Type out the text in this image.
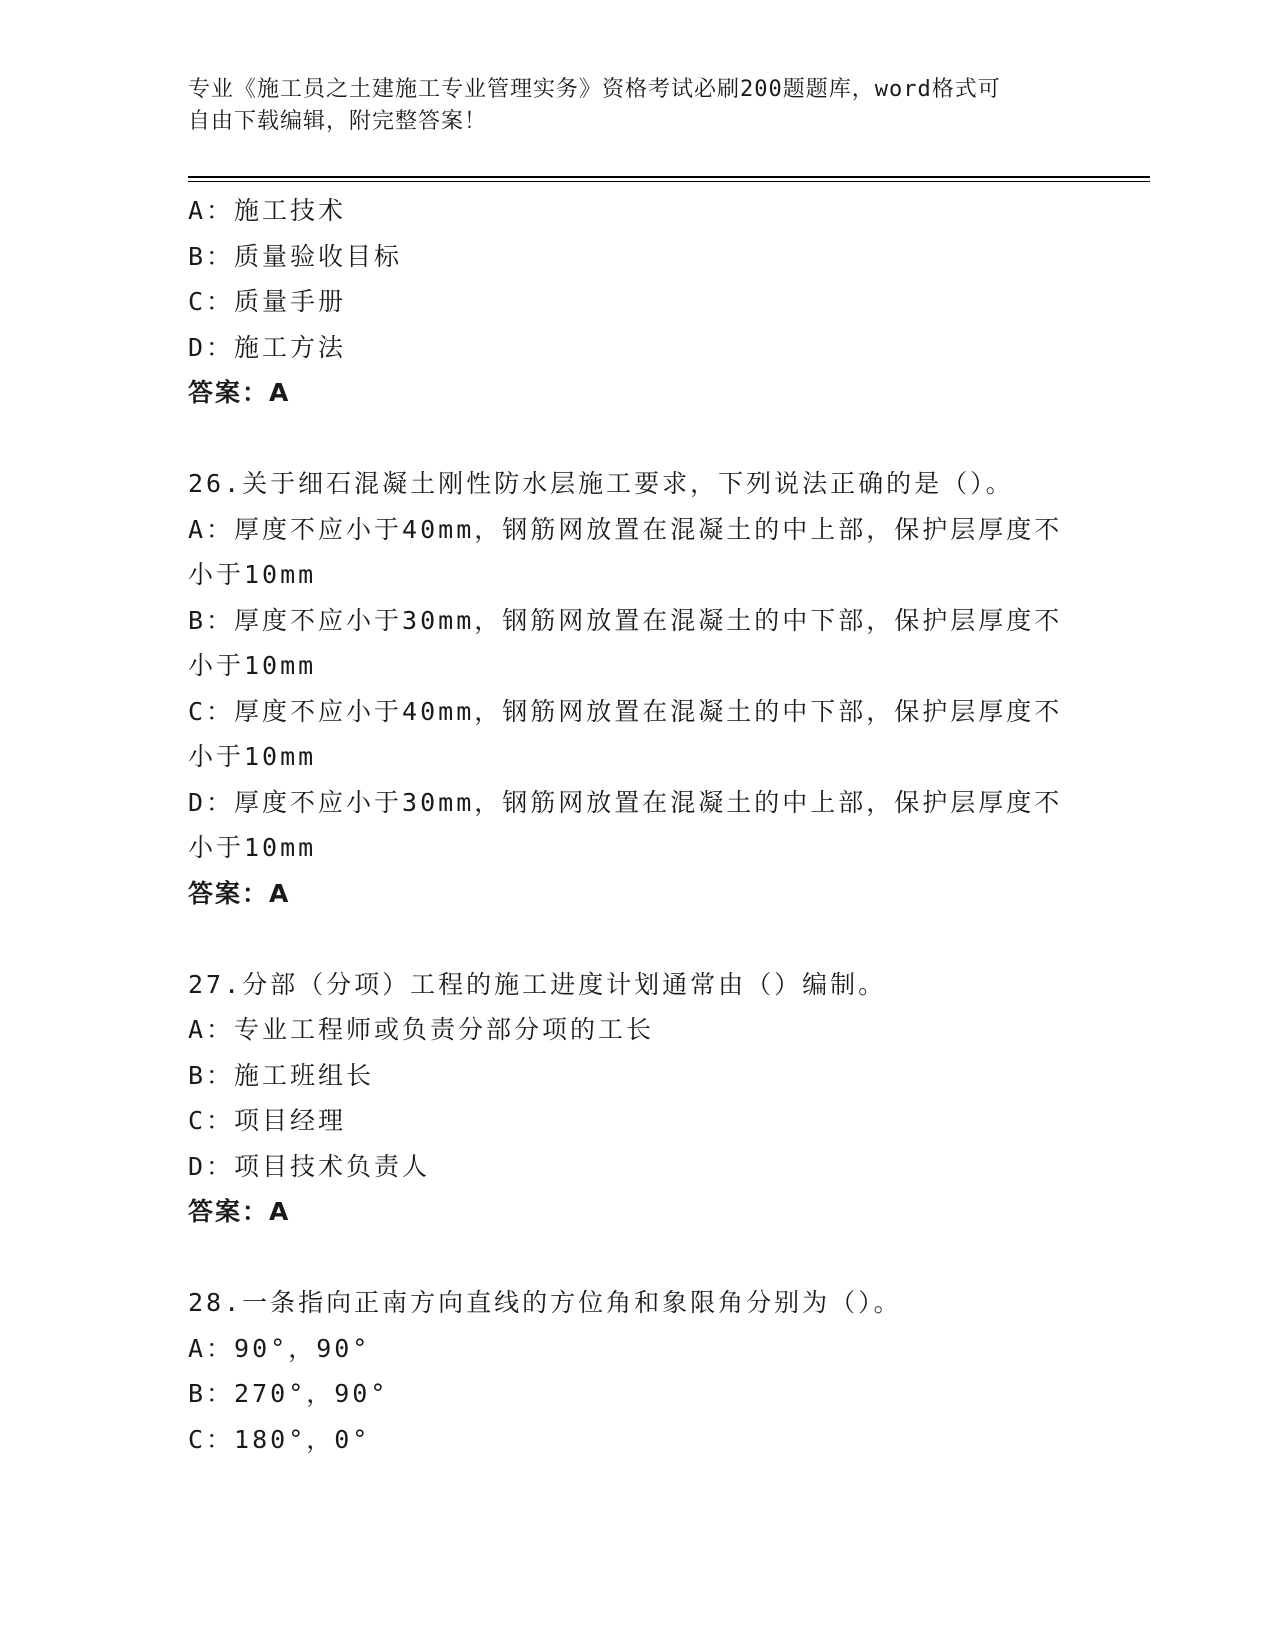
专业《施工员之土建施工专业管理实务》资格考试必刷200题题库，word格式可
自由下载编辑，附完整答案！
A：施工技术
B：质量验收目标
C：质量手册
D：施工方法
答案：A
26.关于细石混凝土刚性防水层施工要求，下列说法正确的是（）。
A：厚度不应小于40mm，钢筋网放置在混凝土的中上部，保护层厚度不
小于10mm
B：厚度不应小于30mm，钢筋网放置在混凝土的中下部，保护层厚度不
小于10mm
C：厚度不应小于40mm，钢筋网放置在混凝土的中下部，保护层厚度不
小于10mm
D：厚度不应小于30mm，钢筋网放置在混凝土的中上部，保护层厚度不
小于10mm
答案：A
27.分部（分项）工程的施工进度计划通常由（）编制。
A：专业工程师或负责分部分项的工长
B：施工班组长
C：项目经理
D：项目技术负责人
答案：A
28.一条指向正南方向直线的方位角和象限角分别为（）。
A：90°，90°
B：270°，90°
C：180°，0°
